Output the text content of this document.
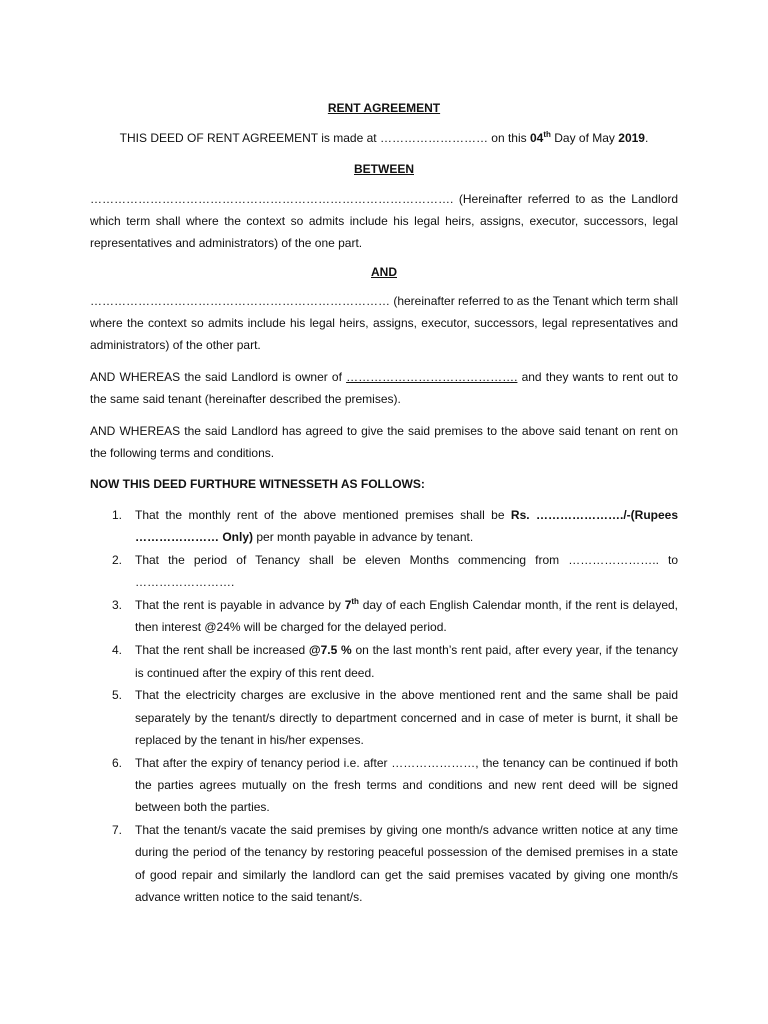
RENT AGREEMENT
THIS DEED OF RENT AGREEMENT is made at ……………………… on this 04th Day of May 2019.
BETWEEN

………………………………………………………………………………. (Hereinafter referred to as the Landlord which term shall where the context so admits include his legal heirs, assigns, executor, successors, legal representatives and administrators) of the one part.

AND

………………………………………………………………… (hereinafter referred to as the Tenant which term shall where the context so admits include his legal heirs, assigns, executor, successors, legal representatives and administrators) of the other part.

AND WHEREAS the said Landlord is owner of ……………………………………. and they wants to rent out to the same said tenant (hereinafter described the premises).

AND WHEREAS the said Landlord has agreed to give the said premises to the above said tenant on rent on the following terms and conditions.

NOW THIS DEED FURTHURE WITNESSETH AS FOLLOWS:
1. That the monthly rent of the above mentioned premises shall be Rs. …………………./-(Rupees ………………… Only) per month payable in advance by tenant.
2. That the period of Tenancy shall be eleven Months commencing from ………………….. to …………………….
3. That the rent is payable in advance by 7th day of each English Calendar month, if the rent is delayed, then interest @24% will be charged for the delayed period.
4. That the rent shall be increased @7.5 % on the last month’s rent paid, after every year, if the tenancy is continued after the expiry of this rent deed.
5. That the electricity charges are exclusive in the above mentioned rent and the same shall be paid separately by the tenant/s directly to department concerned and in case of meter is burnt, it shall be replaced by the tenant in his/her expenses.
6. That after the expiry of tenancy period i.e. after …………………, the tenancy can be continued if both the parties agrees mutually on the fresh terms and conditions and new rent deed will be signed between both the parties.
7. That the tenant/s vacate the said premises by giving one month/s advance written notice at any time during the period of the tenancy by restoring peaceful possession of the demised premises in a state of good repair and similarly the landlord can get the said premises vacated by giving one month/s advance written notice to the said tenant/s.
